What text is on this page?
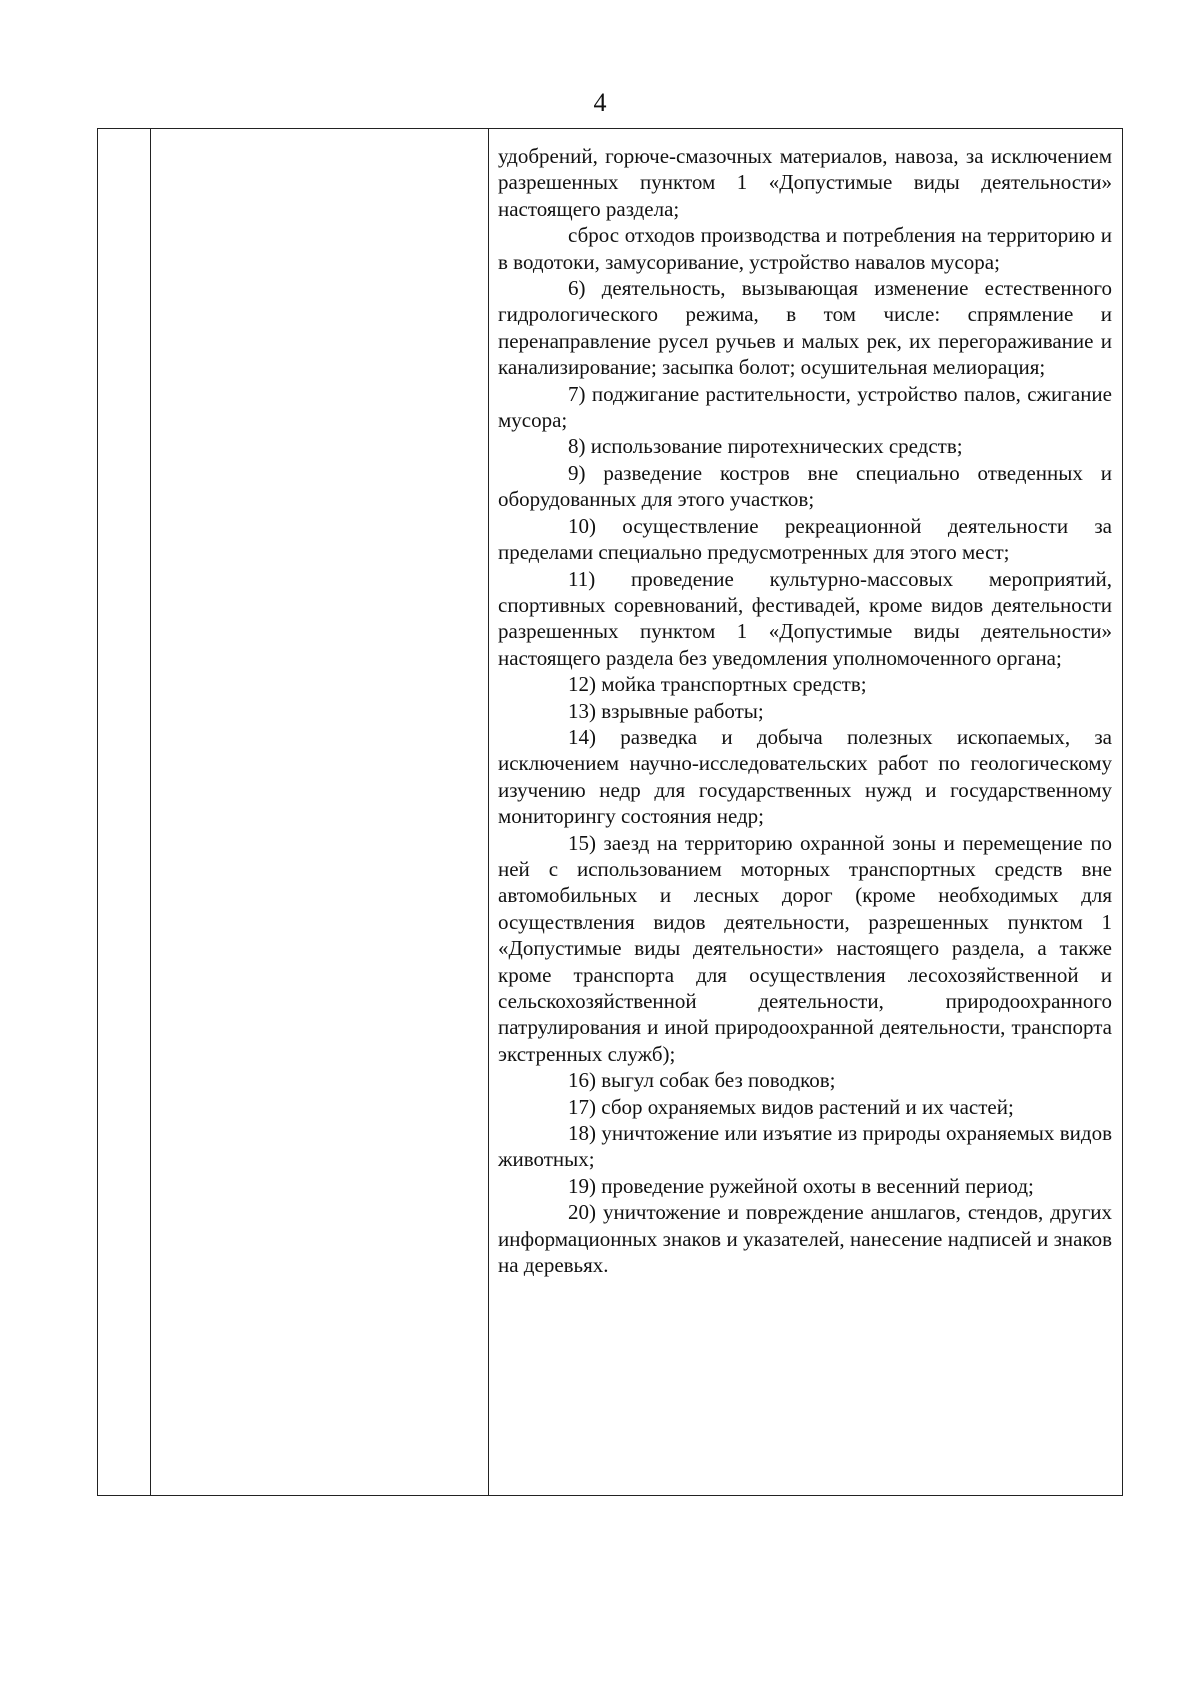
4

удобрений, горюче-смазочных материалов, навоза, за исключением разрешенных пунктом 1 «Допустимые виды деятельности» настоящего раздела;

сброс отходов производства и потребления на территорию и в водотоки, замусоривание, устройство навалов мусора;

6) деятельность, вызывающая изменение естественного гидрологического режима, в том числе: спрямление и перенаправление русел ручьев и малых рек, их перегораживание и канализирование; засыпка болот; осушительная мелиорация;

7) поджигание растительности, устройство палов, сжигание мусора;

8) использование пиротехнических средств;

9) разведение костров вне специально отведенных и оборудованных для этого участков;

10) осуществление рекреационной деятельности за пределами специально предусмотренных для этого мест;

11) проведение культурно-массовых мероприятий, спортивных соревнований, фестивадей, кроме видов деятельности разрешенных пунктом 1 «Допустимые виды деятельности» настоящего раздела без уведомления уполномоченного органа;

12) мойка транспортных средств;

13) взрывные работы;

14) разведка и добыча полезных ископаемых, за исключением научно-исследовательских работ по геологическому изучению недр для государственных нужд и государственному мониторингу состояния недр;

15) заезд на территорию охранной зоны и перемещение по ней с использованием моторных транспортных средств вне автомобильных и лесных дорог (кроме необходимых для осуществления видов деятельности, разрешенных пунктом 1 «Допустимые виды деятельности» настоящего раздела, а также кроме транспорта для осуществления лесохозяйственной и сельскохозяйственной деятельности, природоохранного патрулирования и иной природоохранной деятельности, транспорта экстренных служб);

16) выгул собак без поводков;

17) сбор охраняемых видов растений и их частей;

18) уничтожение или изъятие из природы охраняемых видов животных;

19) проведение ружейной охоты в весенний период;

20) уничтожение и повреждение аншлагов, стендов, других информационных знаков и указателей, нанесение надписей и знаков на деревьях.
